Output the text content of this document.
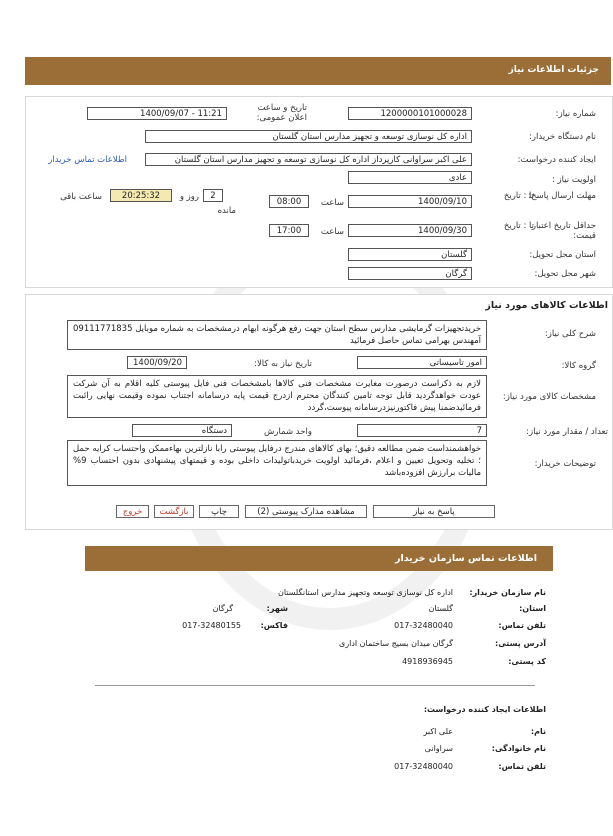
جزئیات اطلاعات نیاز
شماره نیاز:
1200000101000028
تاریخ و ساعت اعلان عمومی:
1400/09/07 - 11:21
نام دستگاه خریدار:
اداره کل نوسازی توسعه و تجهیز مدارس استان گلستان
ایجاد کننده درخواست:
علی اکبر سراوانی کارپرداز اداره کل نوسازی توسعه و تجهیز مدارس استان گلستان
اطلاعات تماس خریدار
اولویت نیاز :
عادی
مهلت ارسال پاسخ:
تا : تاریخ
1400/09/10
ساعت
08:00
2
روز و
20:25:32
مانده
ساعت باقی
حداقل تاریخ اعتبار قیمت:
تا : تاریخ
1400/09/30
ساعت
17:00
استان محل تحویل:
گلستان
شهر محل تحویل:
گرگان
اطلاعات کالاهای مورد نیاز
شرح کلی نیاز:
خریدتجهیزات گرمایشی مدارس سطح استان جهت رفع هرگونه ابهام درمشخصات به شماره موبایل 09111771835 آمهندس بهرامی تماس حاصل فرمائید
گروه کالا:
امور تاسیساتی
تاریخ نیاز به کالا:
1400/09/20
مشخصات کالای مورد نیاز:
لازم به ذکراست درصورت مغایرت مشخصات فنی کالاها بامشخصات فنی فایل پیوستی کلیه اقلام به آن شرکت عودت خواهدگردید قابل توجه تامین کنندگان محترم ازدرج قیمت پایه درسامانه اجتناب نموده وقیمت نهایی رائبت فرمائیدضمنا پیش فاکتورنیزدرسامانه پیوست،گردد
تعداد / مقدار مورد نیاز:
7
واحد شمارش
دستگاه
توضیحات خریدار:
خواهشمنداست ضمن مطالعه دقیق؛ بهای کالاهای مندرج درفایل پیوستی رابا نازلترین بهاءممکن واحتساب کرایه حمل ؛ تخلیه وتحویل تعیین و اعلام ،فرمائید اولویت خریدباتولیدات داخلی بوده و قیمتهای پیشنهادی بدون احتساب 9% مالیات برارزش افزوده‌باشد
پاسخ به نیاز
مشاهده مدارک پیوستی (2)
چاپ
بازگشت
خروج
اطلاعات تماس سازمان خریدار
نام سازمان خریدار:
اداره کل نوسازی توسعه وتجهیز مدارس استانگلستان
استان:
گلستان
شهر:
گرگان
تلفن تماس:
017-32480040
فاکس:
017-32480155
آدرس پستی:
گرگان میدان بسیج ساختمان اداری
کد پستی:
4918936945
اطلاعات ایجاد کننده درخواست:
نام:
علی اکبر
نام خانوادگی:
سراوانی
تلفن تماس:
017-32480040
